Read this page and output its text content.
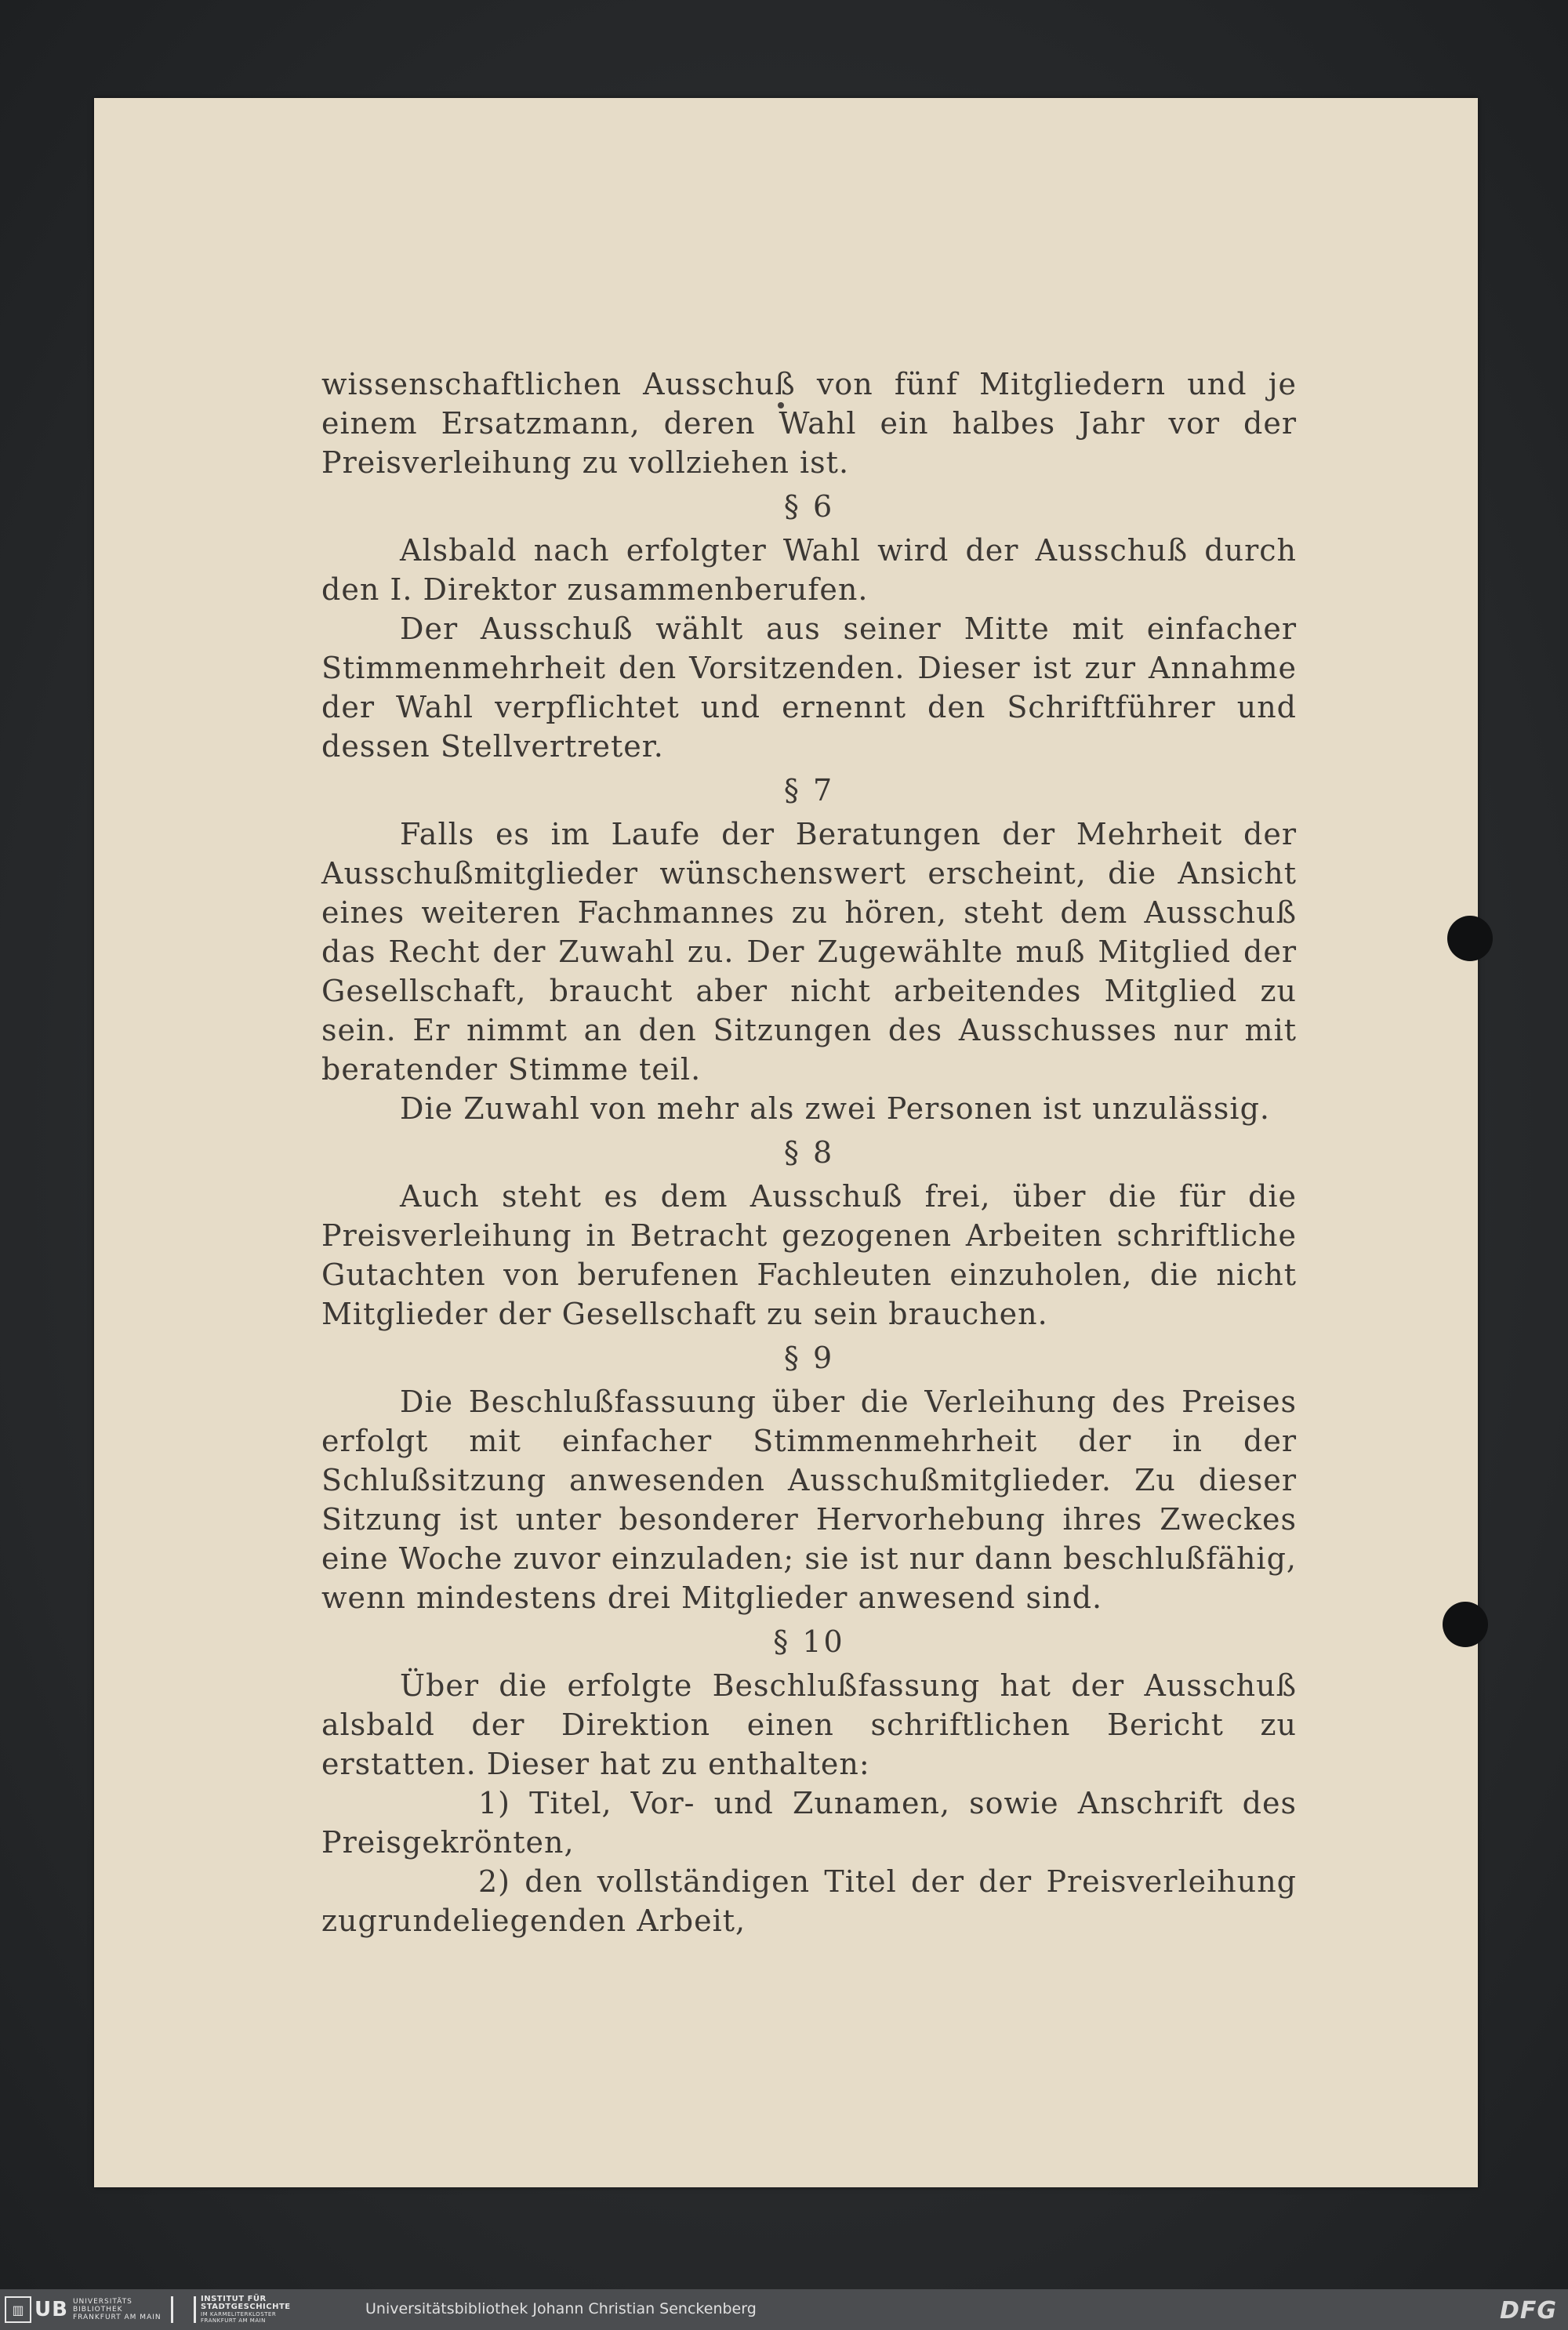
wissenschaftlichen Ausschuß von fünf Mitgliedern und je einem Ersatzmann, deren Wahl ein halbes Jahr vor der Preisverleihung zu vollziehen ist.

§ 6

Alsbald nach erfolgter Wahl wird der Ausschuß durch den I. Direktor zusammenberufen.

Der Ausschuß wählt aus seiner Mitte mit einfacher Stimmenmehrheit den Vorsitzenden. Dieser ist zur Annahme der Wahl verpflichtet und ernennt den Schriftführer und dessen Stellvertreter.

§ 7

Falls es im Laufe der Beratungen der Mehrheit der Ausschußmitglieder wünschenswert erscheint, die Ansicht eines weiteren Fachmannes zu hören, steht dem Ausschuß das Recht der Zuwahl zu. Der Zugewählte muß Mitglied der Gesellschaft, braucht aber nicht arbeitendes Mitglied zu sein. Er nimmt an den Sitzungen des Ausschusses nur mit beratender Stimme teil.

Die Zuwahl von mehr als zwei Personen ist unzulässig.

§ 8

Auch steht es dem Ausschuß frei, über die für die Preisverleihung in Betracht gezogenen Arbeiten schriftliche Gutachten von berufenen Fachleuten einzuholen, die nicht Mitglieder der Gesellschaft zu sein brauchen.

§ 9

Die Beschlußfassuung über die Verleihung des Preises erfolgt mit einfacher Stimmenmehrheit der in der Schlußsitzung anwesenden Ausschußmitglieder. Zu dieser Sitzung ist unter besonderer Hervorhebung ihres Zweckes eine Woche zuvor einzuladen; sie ist nur dann beschlußfähig, wenn mindestens drei Mitglieder anwesend sind.

§ 10

Über die erfolgte Beschlußfassung hat der Ausschuß alsbald der Direktion einen schriftlichen Bericht zu erstatten. Dieser hat zu enthalten:

1) Titel, Vor- und Zunamen, sowie Anschrift des Preisgekrönten,

2) den vollständigen Titel der der Preisverleihung zugrundeliegenden Arbeit,

▥ UB UNIVERSITÄTS
BIBLIOTHEK
FRANKFURT AM MAIN
INSTITUT FÜR
STADTGESCHICHTE
IM KARMELITERKLOSTER
FRANKFURT AM MAIN
Universitätsbibliothek Johann Christian Senckenberg	DFG
